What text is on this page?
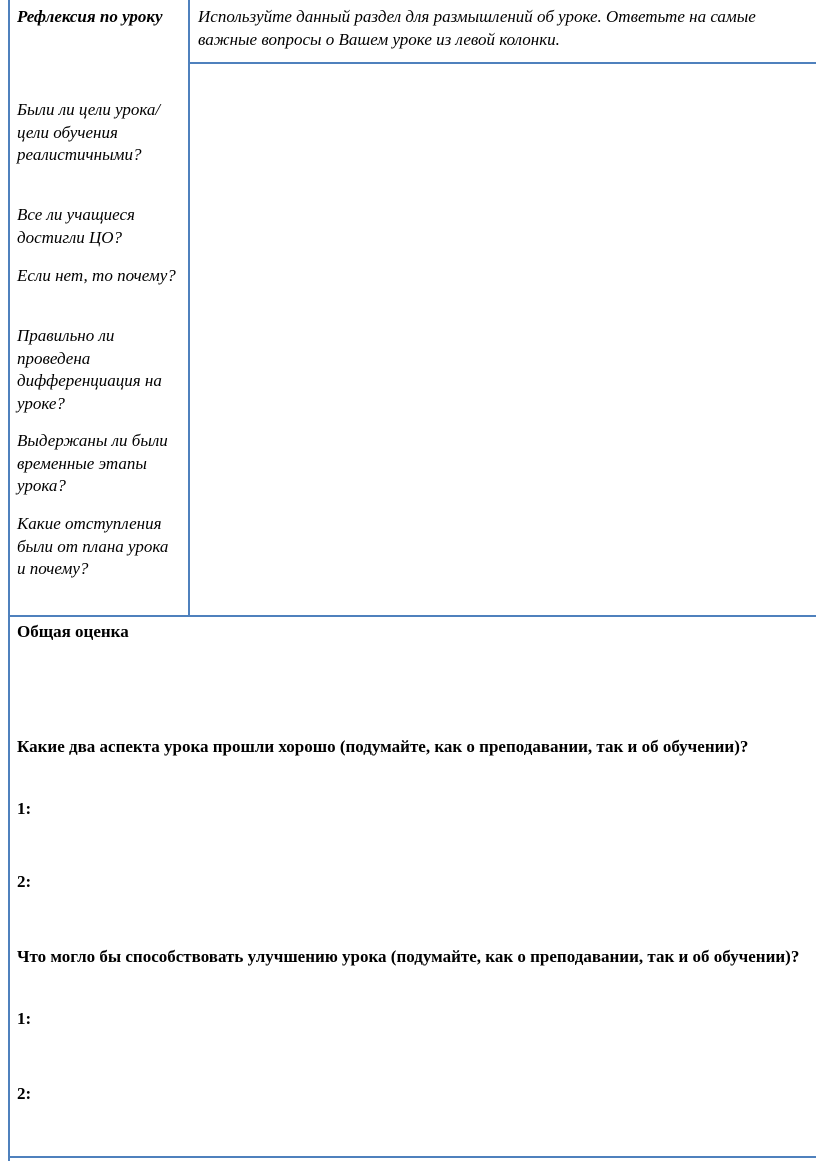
Рефлексия по уроку	Используйте данный раздел для размышлений об уроке. Ответьте на самые важные вопросы о Вашем уроке из левой колонки.
Были ли цели урока/цели обучения реалистичными?
Все ли учащиеся достигли ЦО?
Если нет, то почему?
Правильно ли проведена дифференциация на уроке?
Выдержаны ли были временные этапы урока?
Какие отступления были от плана урока и почему?
Общая оценка
Какие два аспекта урока прошли хорошо (подумайте, как о преподавании, так и об обучении)?
1:
2:
Что могло бы способствовать улучшению урока (подумайте, как о преподавании, так и об обучении)?
1:
2:
